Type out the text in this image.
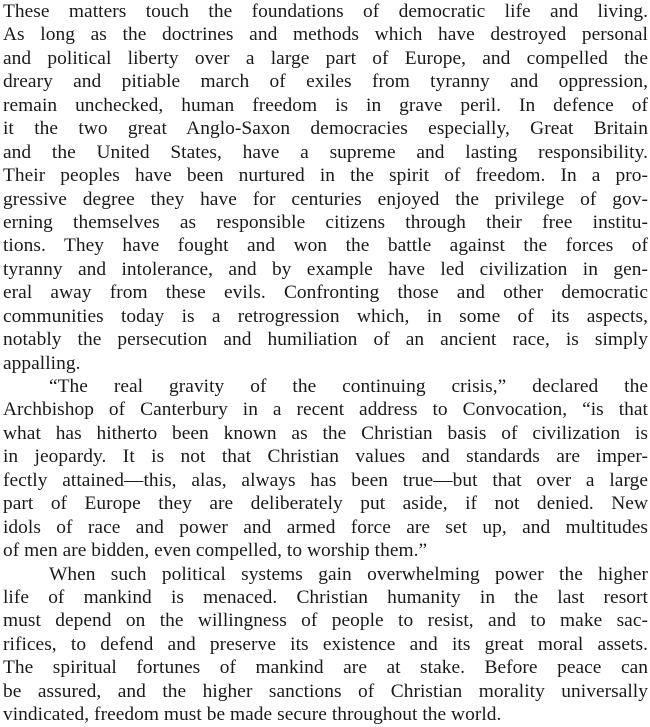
These matters touch the foundations of democratic life and living.
As long as the doctrines and methods which have destroyed personal
and political liberty over a large part of Europe, and compelled the
dreary and pitiable march of exiles from tyranny and oppression,
remain unchecked, human freedom is in grave peril. In defence of
it the two great Anglo-Saxon democracies especially, Great Britain
and the United States, have a supreme and lasting responsibility.
Their peoples have been nurtured in the spirit of freedom. In a pro-
gressive degree they have for centuries enjoyed the privilege of gov-
erning themselves as responsible citizens through their free institu-
tions. They have fought and won the battle against the forces of
tyranny and intolerance, and by example have led civilization in gen-
eral away from these evils. Confronting those and other democratic
communities today is a retrogression which, in some of its aspects,
notably the persecution and humiliation of an ancient race, is simply
appalling.
“The real gravity of the continuing crisis,” declared the
Archbishop of Canterbury in a recent address to Convocation, “is that
what has hitherto been known as the Christian basis of civilization is
in jeopardy. It is not that Christian values and standards are imper-
fectly attained—this, alas, always has been true—but that over a large
part of Europe they are deliberately put aside, if not denied. New
idols of race and power and armed force are set up, and multitudes
of men are bidden, even compelled, to worship them.”
When such political systems gain overwhelming power the higher
life of mankind is menaced. Christian humanity in the last resort
must depend on the willingness of people to resist, and to make sac-
rifices, to defend and preserve its existence and its great moral assets.
The spiritual fortunes of mankind are at stake. Before peace can
be assured, and the higher sanctions of Christian morality universally
vindicated, freedom must be made secure throughout the world.
